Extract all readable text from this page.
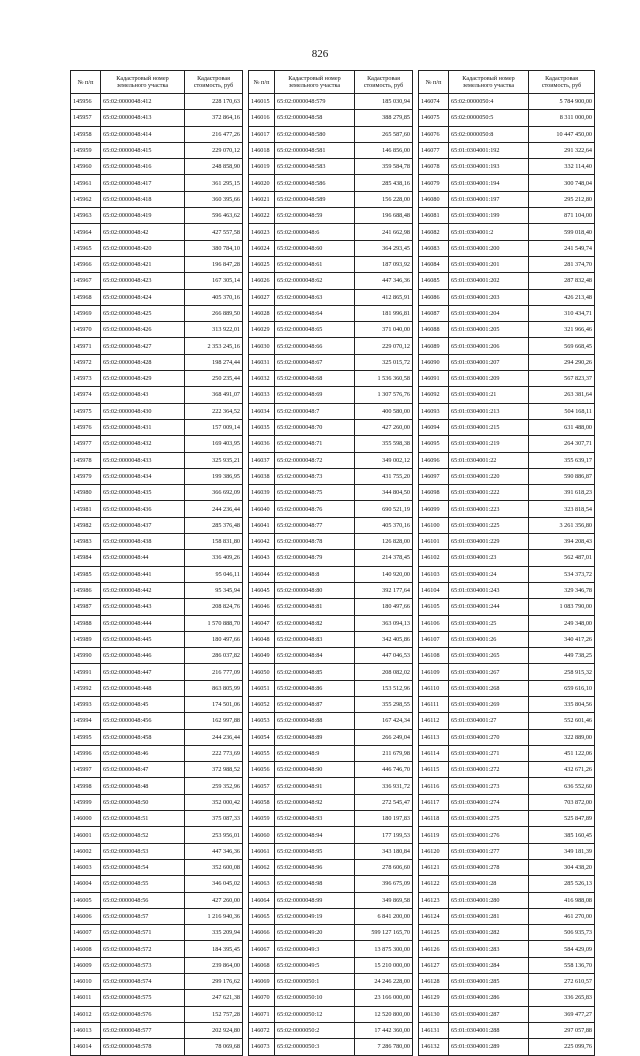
826
№ п/п	Кадастровый номер земельного участка	Кадастровая стоимость, руб
145956	65:02:0000048:412	228 170,63
145957	65:02:0000048:413	372 864,16
145958	65:02:0000048:414	216 477,26
145959	65:02:0000048:415	229 070,12
145960	65:02:0000048:416	248 858,90
145961	65:02:0000048:417	361 295,15
145962	65:02:0000048:418	360 395,66
145963	65:02:0000048:419	596 463,62
145964	65:02:0000048:42	427 557,58
145965	65:02:0000048:420	380 784,10
145966	65:02:0000048:421	196 847,28
145967	65:02:0000048:423	167 305,14
145968	65:02:0000048:424	405 370,16
145969	65:02:0000048:425	266 889,50
145970	65:02:0000048:426	313 922,01
145971	65:02:0000048:427	2 353 245,16
145972	65:02:0000048:428	198 274,44
145973	65:02:0000048:429	250 235,44
145974	65:02:0000048:43	368 491,07
145975	65:02:0000048:430	222 364,52
145976	65:02:0000048:431	157 009,14
145977	65:02:0000048:432	169 403,95
145978	65:02:0000048:433	325 935,21
145979	65:02:0000048:434	199 386,95
145980	65:02:0000048:435	366 692,09
145981	65:02:0000048:436	244 236,44
145982	65:02:0000048:437	285 376,48
145983	65:02:0000048:438	158 831,80
145984	65:02:0000048:44	336 409,26
145985	65:02:0000048:441	95 046,11
145986	65:02:0000048:442	95 345,94
145987	65:02:0000048:443	208 824,76
145988	65:02:0000048:444	1 570 888,70
145989	65:02:0000048:445	180 497,66
145990	65:02:0000048:446	286 037,82
145991	65:02:0000048:447	216 777,09
145992	65:02:0000048:448	863 805,99
145993	65:02:0000048:45	174 501,06
145994	65:02:0000048:456	162 997,88
145995	65:02:0000048:458	244 236,44
145996	65:02:0000048:46	222 773,69
145997	65:02:0000048:47	372 988,52
145998	65:02:0000048:48	259 352,96
145999	65:02:0000048:50	352 000,42
146000	65:02:0000048:51	375 087,33
146001	65:02:0000048:52	253 956,01
146002	65:02:0000048:53	447 346,36
146003	65:02:0000048:54	352 600,08
146004	65:02:0000048:55	346 045,02
146005	65:02:0000048:56	427 260,00
146006	65:02:0000048:57	1 216 940,36
146007	65:02:0000048:571	335 209,94
146008	65:02:0000048:572	184 395,45
146009	65:02:0000048:573	239 864,00
146010	65:02:0000048:574	299 176,62
146011	65:02:0000048:575	247 621,38
146012	65:02:0000048:576	152 757,28
146013	65:02:0000048:577	202 924,80
146014	65:02:0000048:578	78 069,68
№ п/п	Кадастровый номер земельного участка	Кадастровая стоимость, руб
146015	65:02:0000048:579	185 030,94
146016	65:02:0000048:58	388 279,85
146017	65:02:0000048:580	265 587,60
146018	65:02:0000048:581	146 856,00
146019	65:02:0000048:583	359 584,78
146020	65:02:0000048:586	285 438,16
146021	65:02:0000048:589	156 228,00
146022	65:02:0000048:59	196 688,48
146023	65:02:0000048:6	241 662,98
146024	65:02:0000048:60	364 293,45
146025	65:02:0000048:61	187 093,92
146026	65:02:0000048:62	447 346,36
146027	65:02:0000048:63	412 865,91
146028	65:02:0000048:64	181 996,81
146029	65:02:0000048:65	371 040,00
146030	65:02:0000048:66	229 070,12
146031	65:02:0000048:67	325 015,72
146032	65:02:0000048:68	1 536 360,58
146033	65:02:0000048:69	1 307 576,76
146034	65:02:0000048:7	400 580,00
146035	65:02:0000048:70	427 260,00
146036	65:02:0000048:71	355 598,38
146037	65:02:0000048:72	349 002,12
146038	65:02:0000048:73	431 755,20
146039	65:02:0000048:75	344 804,50
146040	65:02:0000048:76	690 521,19
146041	65:02:0000048:77	405 370,16
146042	65:02:0000048:78	126 828,00
146043	65:02:0000048:79	214 378,45
146044	65:02:0000048:8	140 920,00
146045	65:02:0000048:80	392 177,64
146046	65:02:0000048:81	180 497,66
146047	65:02:0000048:82	363 094,13
146048	65:02:0000048:83	342 405,86
146049	65:02:0000048:84	447 046,53
146050	65:02:0000048:85	208 082,02
146051	65:02:0000048:86	153 512,96
146052	65:02:0000048:87	355 298,55
146053	65:02:0000048:88	167 424,34
146054	65:02:0000048:89	266 249,04
146055	65:02:0000048:9	211 679,98
146056	65:02:0000048:90	446 746,70
146057	65:02:0000048:91	336 931,72
146058	65:02:0000048:92	272 545,47
146059	65:02:0000048:93	180 197,83
146060	65:02:0000048:94	177 199,53
146061	65:02:0000048:95	343 180,84
146062	65:02:0000048:96	278 606,60
146063	65:02:0000048:98	396 675,09
146064	65:02:0000048:99	349 869,58
146065	65:02:0000049:19	6 841 200,00
146066	65:02:0000049:20	599 127 165,70
146067	65:02:0000049:3	13 875 300,00
146068	65:02:0000049:5	15 210 000,00
146069	65:02:0000050:1	24 246 228,00
146070	65:02:0000050:10	23 166 000,00
146071	65:02:0000050:12	12 520 800,00
146072	65:02:0000050:2	17 442 360,00
146073	65:02:0000050:3	7 286 780,00
№ п/п	Кадастровый номер земельного участка	Кадастровая стоимость, руб
146074	65:02:0000050:4	5 784 900,00
146075	65:02:0000050:5	8 311 000,00
146076	65:02:0000050:8	10 447 450,00
146077	65:01:0304001:192	291 322,64
146078	65:01:0304001:193	332 114,40
146079	65:01:0304001:194	300 748,04
146080	65:01:0304001:197	295 212,80
146081	65:01:0304001:199	871 104,00
146082	65:01:0304001:2	599 018,40
146083	65:01:0304001:200	241 549,74
146084	65:01:0304001:201	281 374,70
146085	65:01:0304001:202	287 832,48
146086	65:01:0304001:203	426 213,48
146087	65:01:0304001:204	310 434,71
146088	65:01:0304001:205	321 966,46
146089	65:01:0304001:206	569 668,45
146090	65:01:0304001:207	294 290,26
146091	65:01:0304001:209	567 823,37
146092	65:01:0304001:21	263 381,64
146093	65:01:0304001:213	504 168,11
146094	65:01:0304001:215	631 488,00
146095	65:01:0304001:219	264 307,71
146096	65:01:0304001:22	355 639,17
146097	65:01:0304001:220	590 886,87
146098	65:01:0304001:222	391 618,23
146099	65:01:0304001:223	323 818,54
146100	65:01:0304001:225	3 261 356,80
146101	65:01:0304001:229	394 208,43
146102	65:01:0304001:23	562 487,01
146103	65:01:0304001:24	534 373,72
146104	65:01:0304001:243	329 346,78
146105	65:01:0304001:244	1 083 790,00
146106	65:01:0304001:25	249 348,00
146107	65:01:0304001:26	340 417,26
146108	65:01:0304001:265	449 738,25
146109	65:01:0304001:267	258 915,32
146110	65:01:0304001:268	659 616,10
146111	65:01:0304001:269	335 804,56
146112	65:01:0304001:27	552 601,46
146113	65:01:0304001:270	322 889,00
146114	65:01:0304001:271	451 122,06
146115	65:01:0304001:272	432 671,26
146116	65:01:0304001:273	636 552,60
146117	65:01:0304001:274	703 872,00
146118	65:01:0304001:275	525 847,89
146119	65:01:0304001:276	385 160,45
146120	65:01:0304001:277	349 181,39
146121	65:01:0304001:278	304 438,20
146122	65:01:0304001:28	285 526,13
146123	65:01:0304001:280	416 988,08
146124	65:01:0304001:281	461 270,00
146125	65:01:0304001:282	506 935,73
146126	65:01:0304001:283	584 429,09
146127	65:01:0304001:284	558 136,70
146128	65:01:0304001:285	272 610,57
146129	65:01:0304001:286	336 265,83
146130	65:01:0304001:287	369 477,27
146131	65:01:0304001:288	297 057,88
146132	65:01:0304001:289	225 099,76
